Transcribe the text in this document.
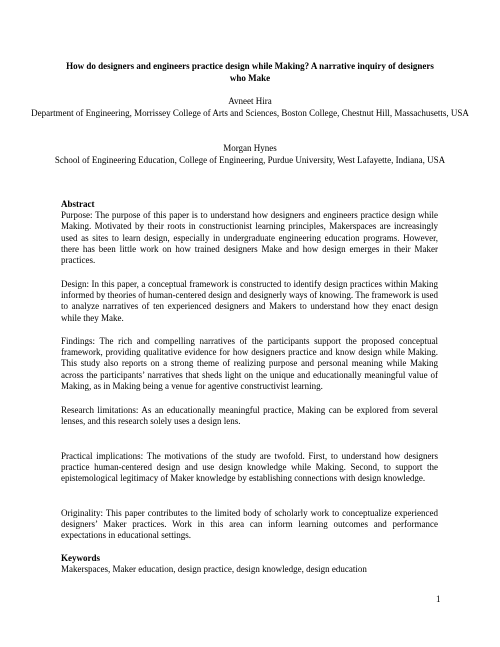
How do designers and engineers practice design while Making? A narrative inquiry of designers who Make
Avneet Hira
Department of Engineering, Morrissey College of Arts and Sciences, Boston College, Chestnut Hill, Massachusetts, USA
Morgan Hynes
School of Engineering Education, College of Engineering, Purdue University, West Lafayette, Indiana, USA
Abstract

Purpose: The purpose of this paper is to understand how designers and engineers practice design while Making. Motivated by their roots in constructionist learning principles, Makerspaces are increasingly used as sites to learn design, especially in undergraduate engineering education programs. However, there has been little work on how trained designers Make and how design emerges in their Maker practices.

Design: In this paper, a conceptual framework is constructed to identify design practices within Making informed by theories of human-centered design and designerly ways of knowing. The framework is used to analyze narratives of ten experienced designers and Makers to understand how they enact design while they Make.

Findings: The rich and compelling narratives of the participants support the proposed conceptual framework, providing qualitative evidence for how designers practice and know design while Making. This study also reports on a strong theme of realizing purpose and personal meaning while Making across the participants’ narratives that sheds light on the unique and educationally meaningful value of Making, as in Making being a venue for agentive constructivist learning.

Research limitations: As an educationally meaningful practice, Making can be explored from several lenses, and this research solely uses a design lens.

Practical implications: The motivations of the study are twofold. First, to understand how designers practice human-centered design and use design knowledge while Making. Second, to support the epistemological legitimacy of Maker knowledge by establishing connections with design knowledge.

Originality: This paper contributes to the limited body of scholarly work to conceptualize experienced designers’ Maker practices. Work in this area can inform learning outcomes and performance expectations in educational settings.

Keywords

Makerspaces, Maker education, design practice, design knowledge, design education

1
